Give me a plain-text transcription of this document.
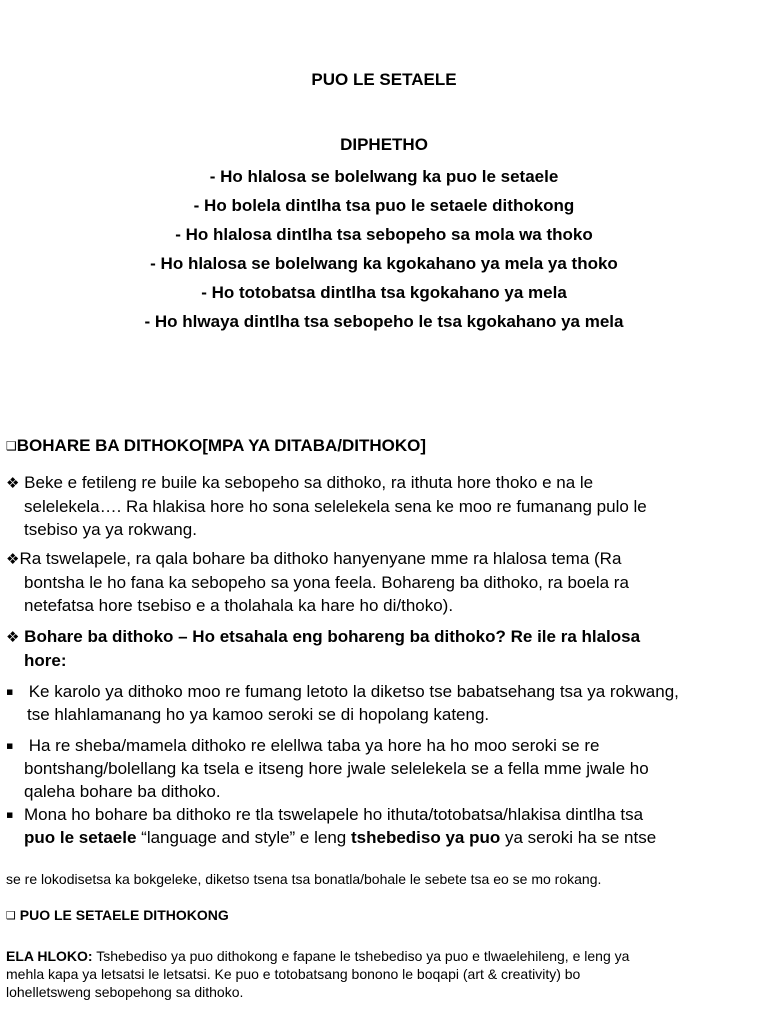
PUO LE SETAELE
DIPHETHO
- Ho hlalosa se bolelwang ka puo le setaele
- Ho bolela dintlha tsa puo le setaele dithokong
- Ho hlalosa dintlha tsa sebopeho sa mola wa thoko
- Ho hlalosa se bolelwang ka kgokahano ya mela ya thoko
- Ho totobatsa dintlha tsa kgokahano ya mela
- Ho hlwaya dintlha tsa sebopeho le tsa kgokahano ya mela
❑BOHARE BA DITHOKO[MPA YA DITABA/DITHOKO]
❖ Beke e fetileng re buile ka sebopeho sa dithoko, ra ithuta hore thoko e na le
selelekela…. Ra hlakisa hore ho sona selelekela sena ke moo re fumanang pulo le
tsebiso ya ya rokwang.
❖Ra tswelapele, ra qala bohare ba dithoko hanyenyane mme ra hlalosa tema (Ra
bontsha le ho fana ka sebopeho sa yona feela. Bohareng ba dithoko, ra boela ra
netefatsa hore tsebiso e a tholahala ka hare ho di/thoko).
❖ Bohare ba dithoko – Ho etsahala eng bohareng ba dithoko? Re ile ra hlalosa
hore:
▪ Ke karolo ya dithoko moo re fumang letoto la diketso tse babatsehang tsa ya rokwang,
tse hlahlamanang ho ya kamoo seroki se di hopolang kateng.
▪ Ha re sheba/mamela dithoko re elellwa taba ya hore ha ho moo seroki se re
bontshang/bolellang ka tsela e itseng hore jwale selelekela se a fella mme jwale ho
qaleha bohare ba dithoko.
▪ Mona ho bohare ba dithoko re tla tswelapele ho ithuta/totobatsa/hlakisa dintlha tsa
puo le setaele “language and style” e leng tshebediso ya puo ya seroki ha se ntse
se re lokodisetsa ka bokgeleke, diketso tsena tsa bonatla/bohale le sebete tsa eo se mo rokang.
❑ PUO LE SETAELE DITHOKONG
ELA HLOKO: Tshebediso ya puo dithokong e fapane le tshebediso ya puo e tlwaelehileng, e leng ya
mehla kapa ya letsatsi le letsatsi. Ke puo e totobatsang bonono le boqapi (art & creativity) bo
lohelletsweng sebopehong sa dithoko.
